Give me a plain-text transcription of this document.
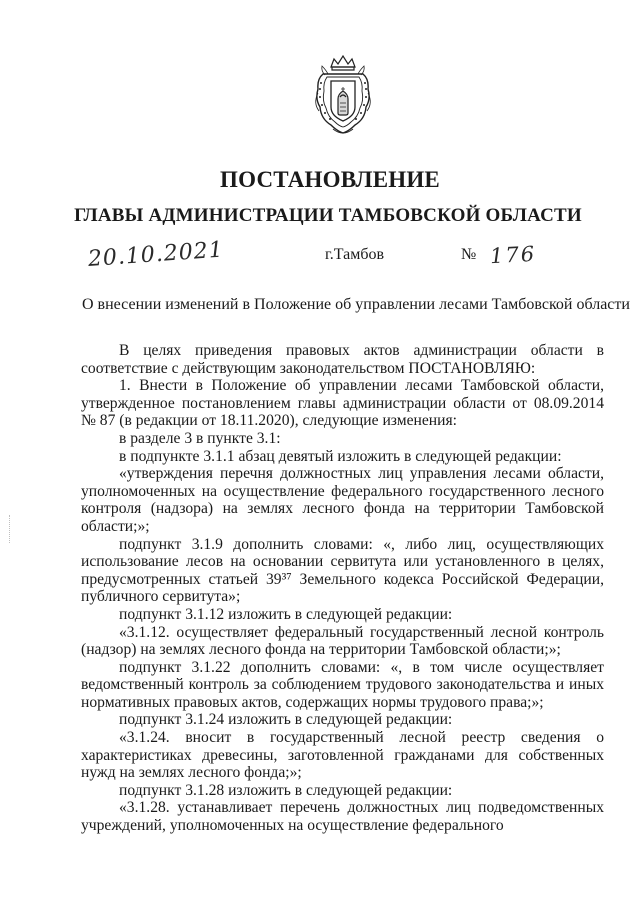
ПОСТАНОВЛЕНИЕ
ГЛАВЫ АДМИНИСТРАЦИИ ТАМБОВСКОЙ ОБЛАСТИ
20.10.2021	г.Тамбов	№ 176
О внесении изменений в Положение об управлении лесами Тамбовской области

В целях приведения правовых актов администрации области в соответствие с действующим законодательством ПОСТАНОВЛЯЮ:

1. Внести в Положение об управлении лесами Тамбовской области, утвержденное постановлением главы администрации области от 08.09.2014 № 87 (в редакции от 18.11.2020), следующие изменения:

в разделе 3 в пункте 3.1:

в подпункте 3.1.1 абзац девятый изложить в следующей редакции:

«утверждения перечня должностных лиц управления лесами области, уполномоченных на осуществление федерального государственного лесного контроля (надзора) на землях лесного фонда на территории Тамбовской области;»;

подпункт 3.1.9 дополнить словами: «, либо лиц, осуществляющих использование лесов на основании сервитута или установленного в целях, предусмотренных статьей 39³⁷ Земельного кодекса Российской Федерации, публичного сервитута»;

подпункт 3.1.12 изложить в следующей редакции:

«3.1.12. осуществляет федеральный государственный лесной контроль (надзор) на землях лесного фонда на территории Тамбовской области;»;

подпункт 3.1.22 дополнить словами: «, в том числе осуществляет ведомственный контроль за соблюдением трудового законодательства и иных нормативных правовых актов, содержащих нормы трудового права;»;

подпункт 3.1.24 изложить в следующей редакции:

«3.1.24. вносит в государственный лесной реестр сведения о характеристиках древесины, заготовленной гражданами для собственных нужд на землях лесного фонда;»;

подпункт 3.1.28 изложить в следующей редакции:

«3.1.28. устанавливает перечень должностных лиц подведомственных учреждений, уполномоченных на осуществление федерального
